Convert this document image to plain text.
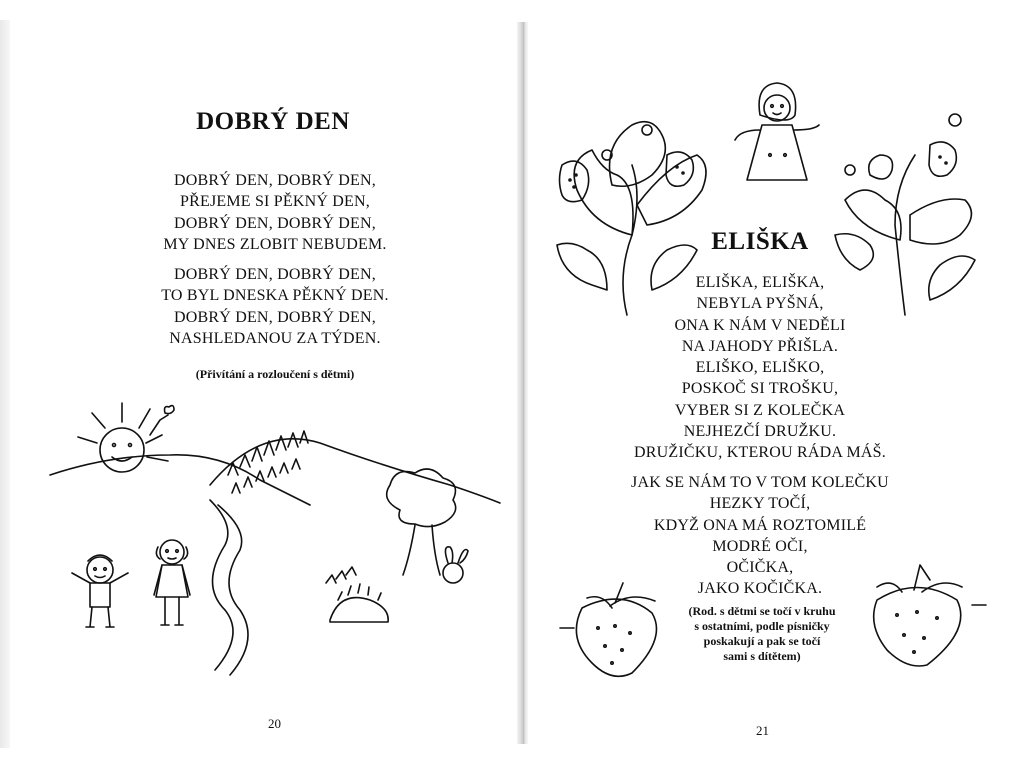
DOBRÝ DEN
DOBRÝ DEN, DOBRÝ DEN,
PŘEJEME SI PĚKNÝ DEN,
DOBRÝ DEN, DOBRÝ DEN,
MY DNES ZLOBIT NEBUDEM.
DOBRÝ DEN, DOBRÝ DEN,
TO BYL DNESKA PĚKNÝ DEN.
DOBRÝ DEN, DOBRÝ DEN,
NASHLEDANOU ZA TÝDEN.
(Přivítání a rozloučení s dětmi)
20
ELIŠKA
ELIŠKA, ELIŠKA,
NEBYLA PYŠNÁ,
ONA K NÁM V NEDĚLI
NA JAHODY PŘIŠLA.
ELIŠKO, ELIŠKO,
POSKOČ SI TROŠKU,
VYBER SI Z KOLEČKA
NEJHEZČÍ DRUŽKU.
DRUŽIČKU, KTEROU RÁDA MÁŠ.
JAK SE NÁM TO V TOM KOLEČKU
HEZKY TOČÍ,
KDYŽ ONA MÁ ROZTOMILÉ
MODRÉ OČI,
OČIČKA,
JAKO KOČIČKA.
(Rod. s dětmi se točí v kruhu
s ostatními, podle písničky
poskakují a pak se točí
sami s dítětem)
21
